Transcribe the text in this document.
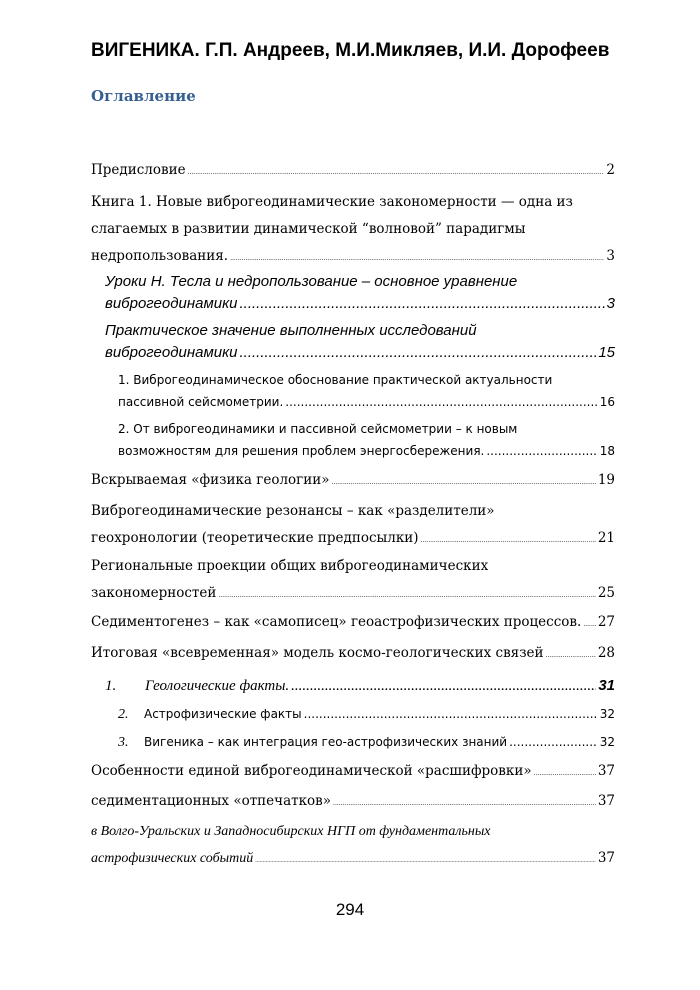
ВИГЕНИКА. Г.П. Андреев, М.И.Микляев, И.И. Дорофеев
Оглавление
Предисловие .....	2
Книга 1. Новые виброгеодинамические закономерности — одна из
слагаемых в развитии динамической “волновой” парадигмы
недропользования. .....	3
Уроки Н. Тесла и недропользование – основное уравнение
виброгеодинамики .....	3
Практическое значение выполненных исследований
виброгеодинамики .....	15
1. Виброгеодинамическое обоснование практической актуальности
пассивной сейсмометрии. .....	16
2. От виброгеодинамики и пассивной сейсмометрии – к новым
возможностям для решения проблем энергосбережения. .....	18
Вскрываемая «физика геологии» .....	19
Виброгеодинамические резонансы – как «разделители»
геохронологии (теоретические предпосылки) .....	21
Региональные проекции общих виброгеодинамических
закономерностей .....	25
Седиментогенез – как «самописец» геоастрофизических процессов. ..... 27
Итоговая «всевременная» модель космо-геологических связей .....	28
1.	Геологические факты. .....	31
2.	Астрофизические факты .....	32
3.	Вигеника – как интеграция гео-астрофизических знаний .....	32
Особенности единой виброгеодинамической «расшифровки» .....	37
седиментационных «отпечатков» .....	37
в Волго-Уральских и Западносибирских НГП от фундаментальных
астрофизических событий .....	37
294
